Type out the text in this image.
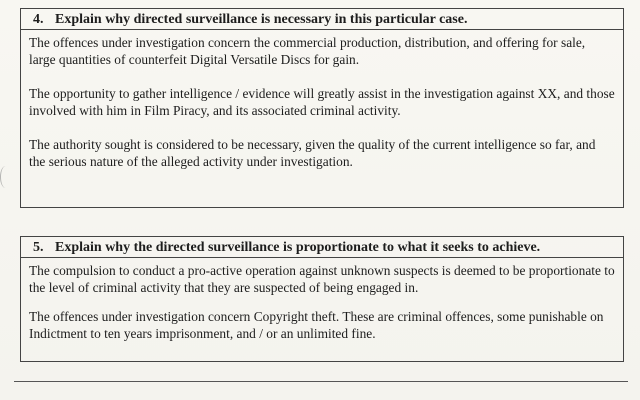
4. Explain why directed surveillance is necessary in this particular case.

The offences under investigation concern the commercial production, distribution, and offering for sale, large quantities of counterfeit Digital Versatile Discs for gain.

The opportunity to gather intelligence / evidence will greatly assist in the investigation against XX, and those involved with him in Film Piracy, and its associated criminal activity.

The authority sought is considered to be necessary, given the quality of the current intelligence so far, and the serious nature of the alleged activity under investigation.

5. Explain why the directed surveillance is proportionate to what it seeks to achieve.

The compulsion to conduct a pro-active operation against unknown suspects is deemed to be proportionate to the level of criminal activity that they are suspected of being engaged in.

The offences under investigation concern Copyright theft. These are criminal offences, some punishable on Indictment to ten years imprisonment, and / or an unlimited fine.
